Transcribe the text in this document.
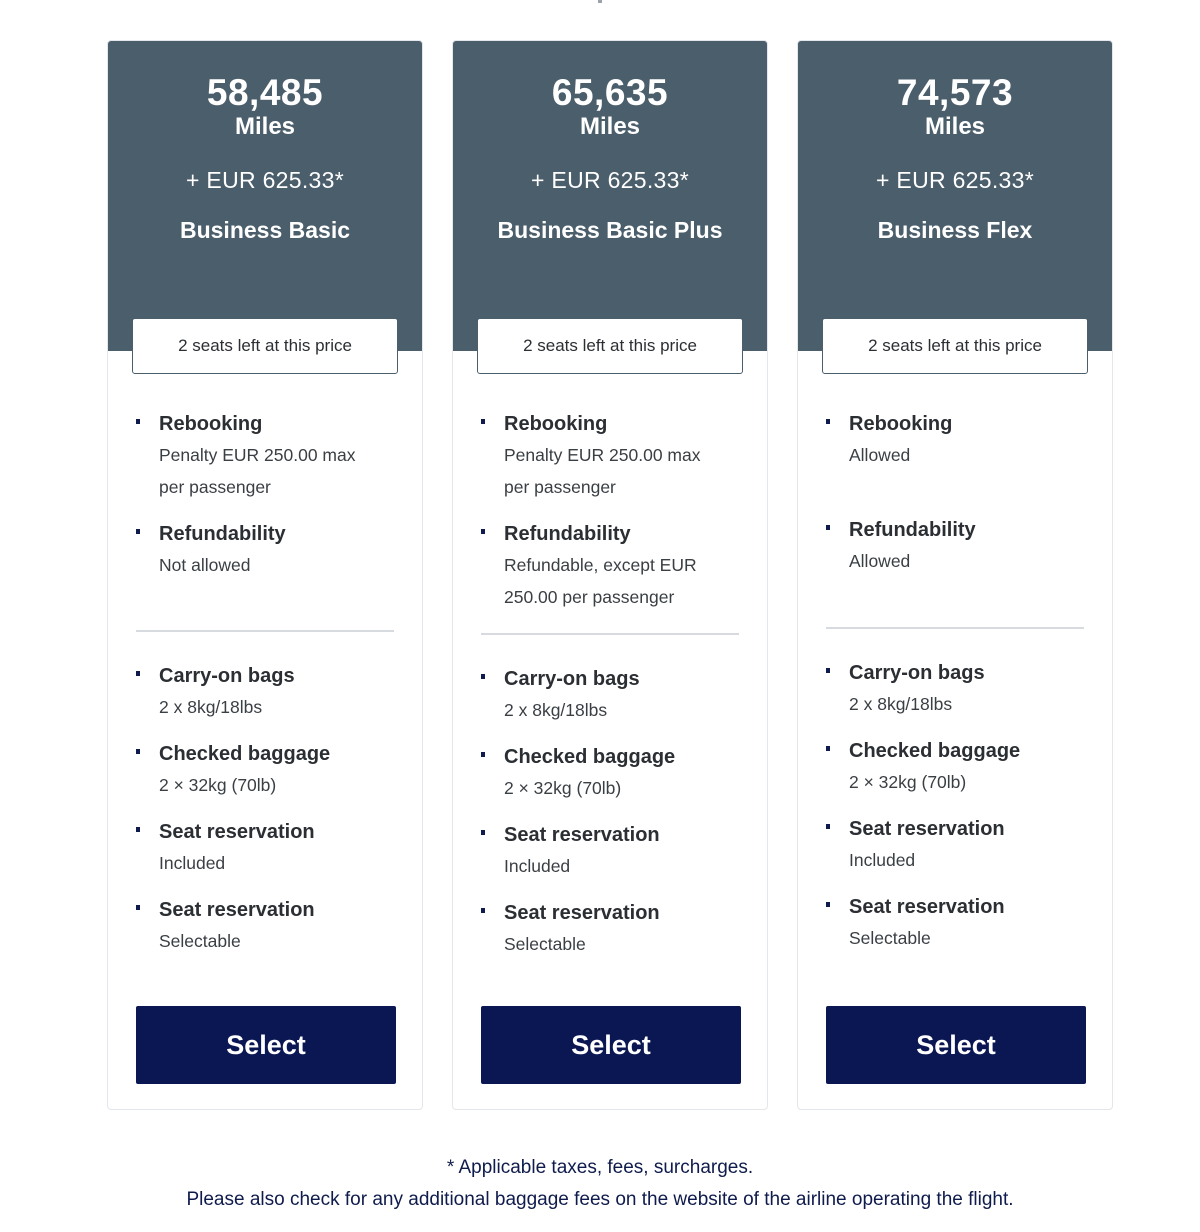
58,485
Miles
+ EUR 625.33*
Business Basic
2 seats left at this price
Rebooking
Penalty EUR 250.00 max
per passenger
Refundability
Not allowed
Carry-on bags
2 x 8kg/18lbs
Checked baggage
2 × 32kg (70lb)
Seat reservation
Included
Seat reservation
Selectable
Select
65,635
Miles
+ EUR 625.33*
Business Basic Plus
2 seats left at this price
Rebooking
Penalty EUR 250.00 max
per passenger
Refundability
Refundable, except EUR
250.00 per passenger
Carry-on bags
2 x 8kg/18lbs
Checked baggage
2 × 32kg (70lb)
Seat reservation
Included
Seat reservation
Selectable
Select
74,573
Miles
+ EUR 625.33*
Business Flex
2 seats left at this price
Rebooking
Allowed
Refundability
Allowed
Carry-on bags
2 x 8kg/18lbs
Checked baggage
2 × 32kg (70lb)
Seat reservation
Included
Seat reservation
Selectable
Select
* Applicable taxes, fees, surcharges.
Please also check for any additional baggage fees on the website of the airline operating the flight.
